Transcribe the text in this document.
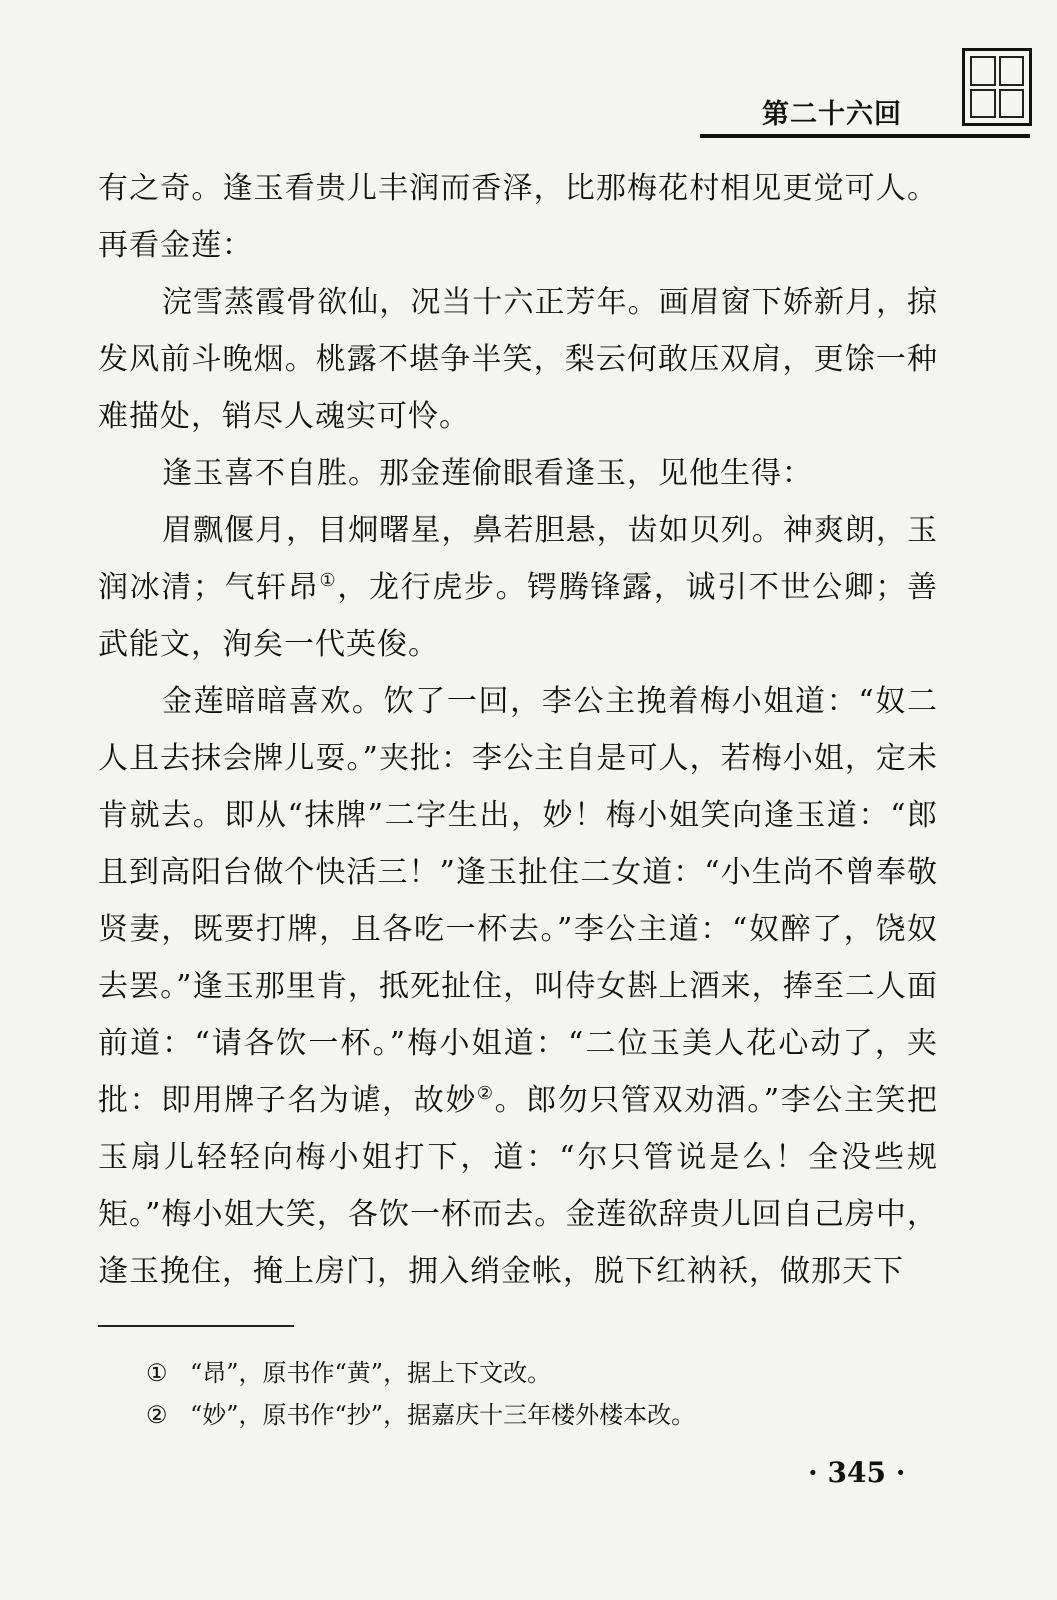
第二十六回

有之奇。逢玉看贵儿丰润而香泽，比那梅花村相见更觉可人。再看金莲：

浣雪蒸霞骨欲仙，况当十六正芳年。画眉窗下娇新月，掠发风前斗晚烟。桃露不堪争半笑，梨云何敢压双肩，更馀一种难描处，销尽人魂实可怜。

逢玉喜不自胜。那金莲偷眼看逢玉，见他生得：

眉飘偃月，目炯曙星，鼻若胆悬，齿如贝列。神爽朗，玉润冰清；气轩昂①，龙行虎步。锷腾锋露，诚引不世公卿；善武能文，洵矣一代英俊。

金莲暗暗喜欢。饮了一回，李公主挽着梅小姐道：“奴二人且去抹会牌儿耍。”夹批：李公主自是可人，若梅小姐，定未肯就去。即从“抹牌”二字生出，妙！梅小姐笑向逢玉道：“郎且到高阳台做个快活三！”逢玉扯住二女道：“小生尚不曾奉敬贤妻，既要打牌，且各吃一杯去。”李公主道：“奴醉了，饶奴去罢。”逢玉那里肯，抵死扯住，叫侍女斟上酒来，捧至二人面前道：“请各饮一杯。”梅小姐道：“二位玉美人花心动了，夹批：即用牌子名为谑，故妙②。郎勿只管双劝酒。”李公主笑把玉扇儿轻轻向梅小姐打下，道：“尔只管说是么！全没些规矩。”梅小姐大笑，各饮一杯而去。金莲欲辞贵儿回自己房中，逢玉挽住，掩上房门，拥入绡金帐，脱下红衲袄，做那天下

① “昂”，原书作“黄”，据上下文改。
② “妙”，原书作“抄”，据嘉庆十三年楼外楼本改。
· 345 ·
